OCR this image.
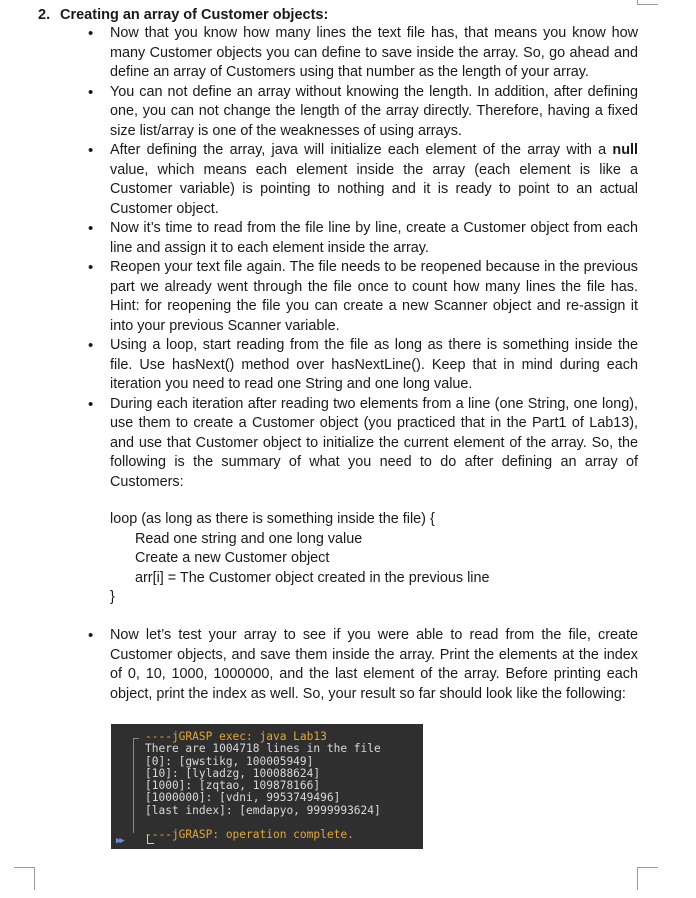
2. Creating an array of Customer objects:
• Now that you know how many lines the text file has, that means you know how many Customer objects you can define to save inside the array. So, go ahead and define an array of Customers using that number as the length of your array.
• You can not define an array without knowing the length. In addition, after defining one, you can not change the length of the array directly. Therefore, having a fixed size list/array is one of the weaknesses of using arrays.
• After defining the array, java will initialize each element of the array with a null value, which means each element inside the array (each element is like a Customer variable) is pointing to nothing and it is ready to point to an actual Customer object.
• Now it’s time to read from the file line by line, create a Customer object from each line and assign it to each element inside the array.
• Reopen your text file again. The file needs to be reopened because in the previous part we already went through the file once to count how many lines the file has. Hint: for reopening the file you can create a new Scanner object and re-assign it into your previous Scanner variable.
• Using a loop, start reading from the file as long as there is something inside the file. Use hasNext() method over hasNextLine(). Keep that in mind during each iteration you need to read one String and one long value.
• During each iteration after reading two elements from a line (one String, one long), use them to create a Customer object (you practiced that in the Part1 of Lab13), and use that Customer object to initialize the current element of the array. So, the following is the summary of what you need to do after defining an array of Customers:
loop (as long as there is something inside the file) {
Read one string and one long value
Create a new Customer object
arr[i] = The Customer object created in the previous line
}
• Now let’s test your array to see if you were able to read from the file, create Customer objects, and save them inside the array. Print the elements at the index of 0, 10, 1000, 1000000, and the last element of the array. Before printing each object, print the index as well. So, your result so far should look like the following:
----jGRASP exec: java Lab13
There are 1004718 lines in the file
[0]: [gwstikg, 100005949]
[10]: [lyladzg, 100088624]
[1000]: [zqtao, 109878166]
[1000000]: [vdni, 9953749496]
[last index]: [emdapyo, 9999993624]
----jGRASP: operation complete.
▶▶
